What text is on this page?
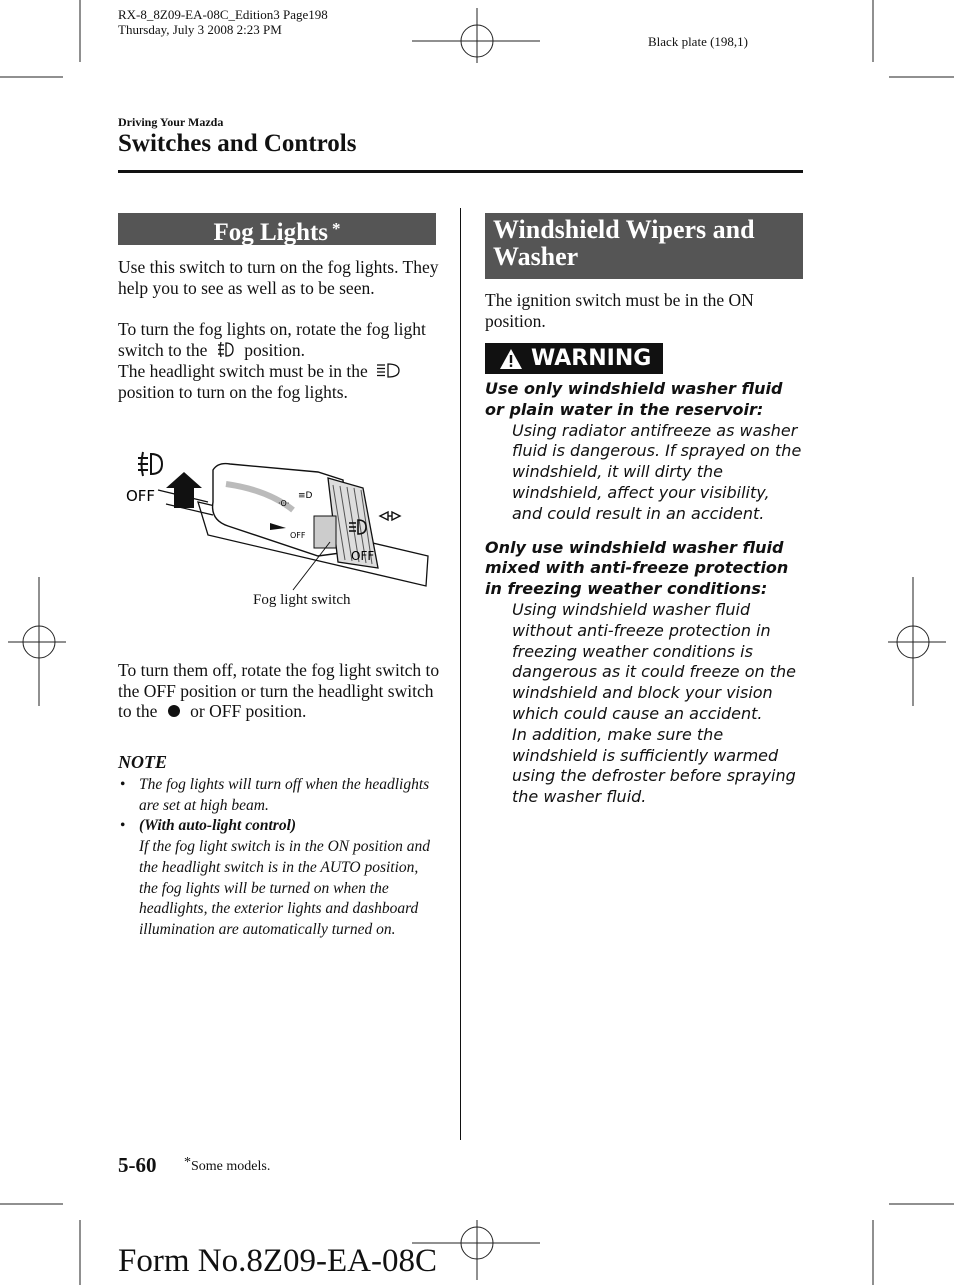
RX-8_8Z09-EA-08C_Edition3 Page198
Thursday, July 3 2008 2:23 PM
Black plate (198,1)
Driving Your Mazda
Switches and Controls
Fog Lights *

Use this switch to turn on the fog lights. They help you to see as well as to be seen.

To turn the fog lights on, rotate the fog light switch to the position.

The headlight switch must be in the  position to turn on the fog lights.

≡D
·ʘ·
OFF
OFF
OFF
Fog light switch
To turn them off, rotate the fog light switch to the OFF position or turn the headlight switch to the or OFF position.
NOTE

• The fog lights will turn off when the headlights are set at high beam.

• (With auto-light control)
If the fog light switch is in the ON position and the headlight switch is in the AUTO position, the fog lights will be turned on when the headlights, the exterior lights and dashboard illumination are automatically turned on.

Windshield Wipers and Washer
The ignition switch must be in the ON position.
WARNING

Use only windshield washer fluid or plain water in the reservoir:

Using radiator antifreeze as washer fluid is dangerous. If sprayed on the windshield, it will dirty the windshield, affect your visibility, and could result in an accident.

Only use windshield washer fluid mixed with anti-freeze protection in freezing weather conditions:

Using windshield washer fluid without anti-freeze protection in freezing weather conditions is dangerous as it could freeze on the windshield and block your vision which could cause an accident.

In addition, make sure the windshield is sufficiently warmed using the defroster before spraying the washer fluid.

5-60 *Some models.
Form No.8Z09-EA-08C
